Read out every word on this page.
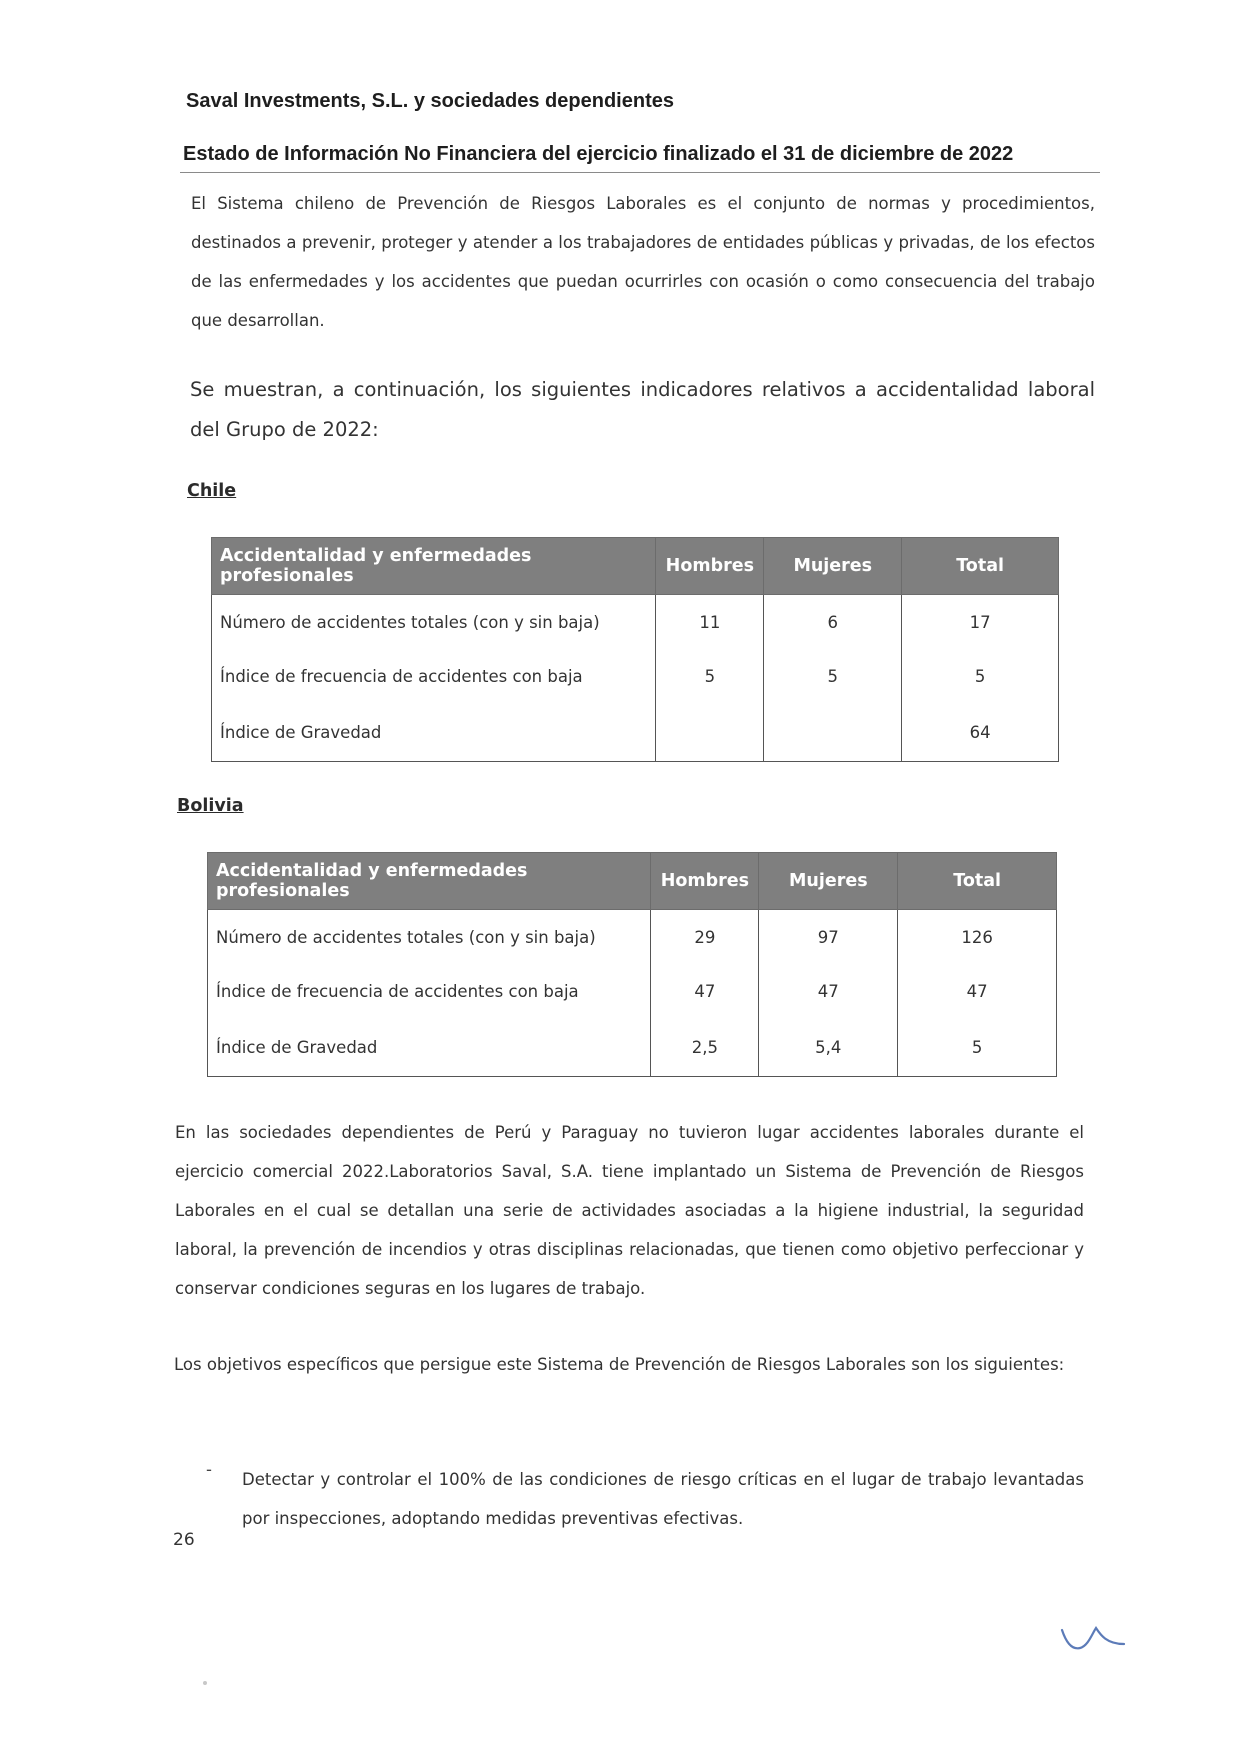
Saval Investments, S.L. y sociedades dependientes
Estado de Información No Financiera del ejercicio finalizado el 31 de diciembre de 2022
El Sistema chileno de Prevención de Riesgos Laborales es el conjunto de normas y procedimientos, destinados a prevenir, proteger y atender a los trabajadores de entidades públicas y privadas, de los efectos de las enfermedades y los accidentes que puedan ocurrirles con ocasión o como consecuencia del trabajo que desarrollan.
Se muestran, a continuación, los siguientes indicadores relativos a accidentalidad laboral del Grupo de 2022:
Chile
Accidentalidad y enfermedades profesionales	Hombres	Mujeres	Total
Número de accidentes totales (con y sin baja)	11	6	17
Índice de frecuencia de accidentes con baja	5	5	5
Índice de Gravedad			64
Bolivia
Accidentalidad y enfermedades profesionales	Hombres	Mujeres	Total
Número de accidentes totales (con y sin baja)	29	97	126
Índice de frecuencia de accidentes con baja	47	47	47
Índice de Gravedad	2,5	5,4	5
En las sociedades dependientes de Perú y Paraguay no tuvieron lugar accidentes laborales durante el ejercicio comercial 2022.Laboratorios Saval, S.A. tiene implantado un Sistema de Prevención de Riesgos Laborales en el cual se detallan una serie de actividades asociadas a la higiene industrial, la seguridad laboral, la prevención de incendios y otras disciplinas relacionadas, que tienen como objetivo perfeccionar y conservar condiciones seguras en los lugares de trabajo.
Los objetivos específicos que persigue este Sistema de Prevención de Riesgos Laborales son los siguientes:
-
Detectar y controlar el 100% de las condiciones de riesgo críticas en el lugar de trabajo levantadas por inspecciones, adoptando medidas preventivas efectivas.
26
